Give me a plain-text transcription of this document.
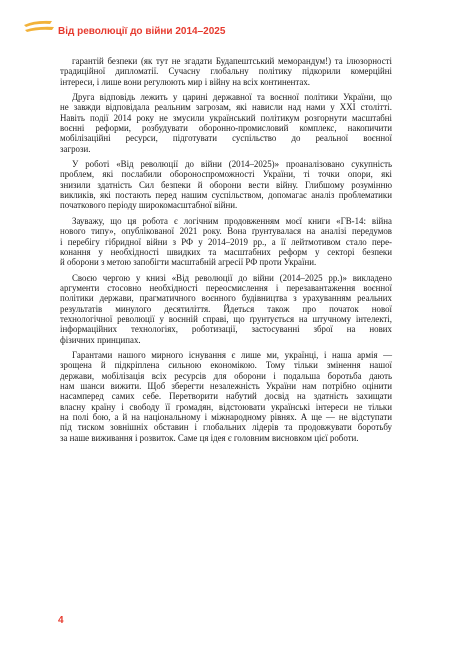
Від революції до війни 2014–2025

гарантій безпеки (як тут не згадати Будапештський меморандум!) та ілюзорності
традиційної дипломатії. Сучасну глобальну політику підкорили комерційні
інтереси, і лише вони регулюють мир і війну на всіх континентах.

Друга відповідь лежить у царині державної та воєнної політики України, що
не завжди відповідала реальним загрозам, які нависли над нами у XXI столітті.
Навіть події 2014 року не змусили український політикум розгорнути масштабні
воєнні реформи, розбудувати оборонно-промисловий комплекс, накопичити
мобілізаційні ресурси, підготувати суспільство до реальної воєнної
загрози.

У роботі «Від революції до війни (2014–2025)» проаналізовано сукупність
проблем, які послабили обороноспроможності України, ті точки опори, які
знизили здатність Сил безпеки й оборони вести війну. Глибшому розумінню
викликів, які постають перед нашим суспільством, допомагає аналіз проблематики
початкового періоду широкомасштабної війни.

Зауважу, що ця робота є логічним продовженням моєї книги «ГВ-14: війна
нового типу», опублікованої 2021 року. Вона ґрунтувалася на аналізі передумов
і перебігу гібридної війни з РФ у 2014–2019 рр., а її лейтмотивом стало пере-
конання у необхідності швидких та масштабних реформ у секторі безпеки
й оборони з метою запобігти масштабній агресії РФ проти України.

Своєю чергою у книзі «Від революції до війни (2014–2025 рр.)» викладено
аргументи стосовно необхідності переосмислення і перезавантаження воєнної
політики держави, прагматичного воєнного будівництва з урахуванням реальних
результатів минулого десятиліття. Йдеться також про початок нової
технологічної революції у воєнній справі, що ґрунтується на штучному інтелекті,
інформаційних технологіях, роботизації, застосуванні зброї на нових
фізичних принципах.

Гарантами нашого мирного існування є лише ми, українці, і наша армія —
зрощена й підкріплена сильною економікою. Тому тільки змінення нашої
держави, мобілізація всіх ресурсів для оборони і подальша боротьба дають
нам шанси вижити. Щоб зберегти незалежність України нам потрібно оцінити
насамперед самих себе. Перетворити набутий досвід на здатність захищати
власну країну і свободу її громадян, відстоювати українські інтереси не тільки
на полі бою, а й на національному і міжнародному рівнях. А ще — не відступати
під тиском зовнішніх обставин і глобальних лідерів та продовжувати боротьбу
за наше виживання і розвиток. Саме ця ідея є головним висновком цієї роботи.

4
